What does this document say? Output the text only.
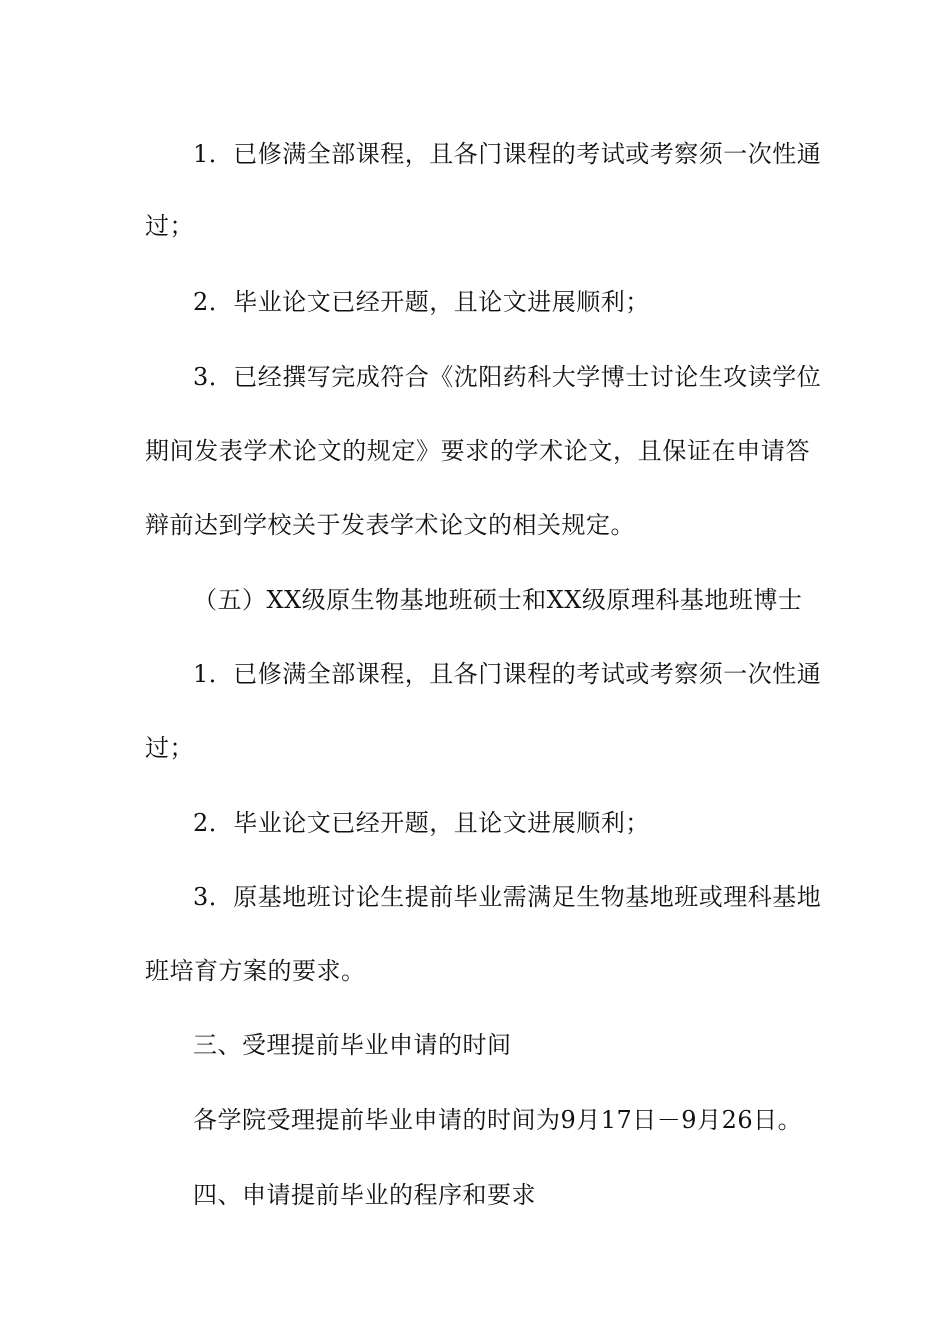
1．已修满全部课程，且各门课程的考试或考察须一次性通
过；
2．毕业论文已经开题，且论文进展顺利；
3．已经撰写完成符合《沈阳药科大学博士讨论生攻读学位
期间发表学术论文的规定》要求的学术论文，且保证在申请答
辩前达到学校关于发表学术论文的相关规定。
（五）XX级原生物基地班硕士和XX级原理科基地班博士
1．已修满全部课程，且各门课程的考试或考察须一次性通
过；
2．毕业论文已经开题，且论文进展顺利；
3．原基地班讨论生提前毕业需满足生物基地班或理科基地
班培育方案的要求。
三、受理提前毕业申请的时间
各学院受理提前毕业申请的时间为9月17日－9月26日。
四、申请提前毕业的程序和要求
